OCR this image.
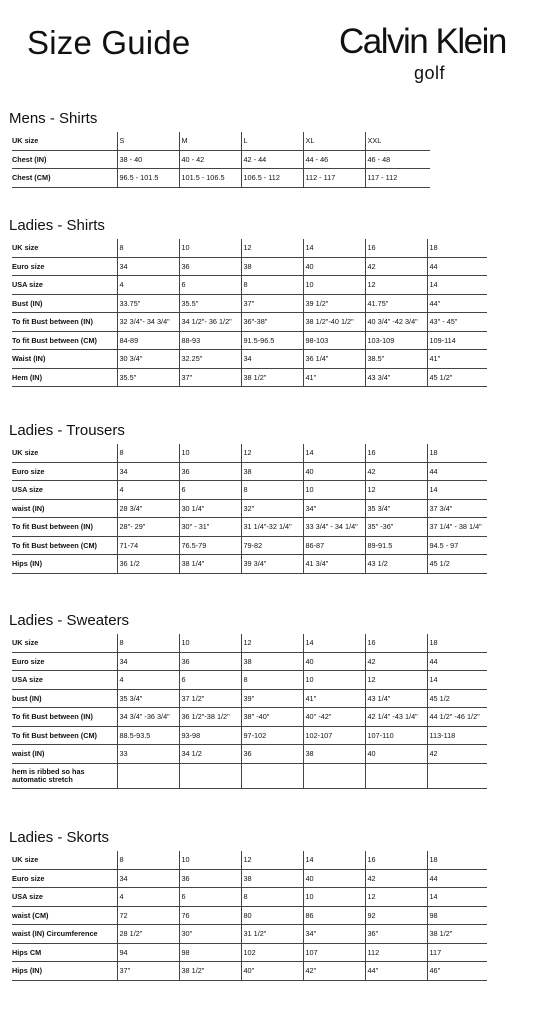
Size Guide	Calvin Klein
golf
Mens - Shirts
UK size	S	M	L	XL	XXL
Chest (IN)	38 - 40	40 - 42	42 - 44	44 - 46	46 - 48
Chest (CM)	96.5 - 101.5	101.5 - 106.5	106.5 - 112	112 - 117	117 - 112
Ladies - Shirts
UK size	8	10	12	14	16	18
Euro size	34	36	38	40	42	44
USA size	4	6	8	10	12	14
Bust (IN)	33.75"	35.5"	37"	39 1/2"	41.75"	44"
To fit Bust between (IN)	32 3/4"- 34 3/4"	34 1/2"- 36 1/2"	36"-38"	38 1/2"-40 1/2"	40 3/4" -42 3/4"	43" - 45"
To fit Bust between (CM)	84-89	88-93	91.5-96.5	98-103	103-109	109-114
Waist (IN)	30 3/4"	32.25"	34	36 1/4"	38.5"	41"
Hem (IN)	35.5"	37"	38 1/2"	41"	43 3/4"	45 1/2"
Ladies - Trousers
UK size	8	10	12	14	16	18
Euro size	34	36	38	40	42	44
USA size	4	6	8	10	12	14
waist (IN)	28 3/4"	30 1/4"	32"	34"	35 3/4"	37 3/4"
To fit Bust between (IN)	28"- 29"	30" - 31"	31 1/4"-32 1/4"	33 3/4" - 34 1/4"	35" -36"	37 1/4" - 38 1/4"
To fit Bust between (CM)	71-74	76.5-79	79-82	86-87	89-91.5	94.5 - 97
Hips (IN)	36 1/2	38 1/4"	39 3/4"	41 3/4"	43 1/2	45 1/2
Ladies - Sweaters
UK size	8	10	12	14	16	18
Euro size	34	36	38	40	42	44
USA size	4	6	8	10	12	14
bust (IN)	35 3/4"	37 1/2"	39"	41"	43 1/4"	45 1/2
To fit Bust between (IN)	34 3/4" -36 3/4"	36 1/2"-38 1/2"	38" -40"	40" -42"	42 1/4" -43 1/4"	44 1/2" -46 1/2"
To fit Bust between (CM)	88.5-93.5	93-98	97-102	102-107	107-110	113-118
waist (IN)	33	34 1/2	36	38	40	42
hem is ribbed so has automatic stretch						
Ladies - Skorts
UK size	8	10	12	14	16	18
Euro size	34	36	38	40	42	44
USA size	4	6	8	10	12	14
waist (CM)	72	76	80	86	92	98
waist (IN) Circumference	28 1/2"	30"	31 1/2"	34"	36"	38 1/2"
Hips CM	94	98	102	107	112	117
Hips (IN)	37"	38 1/2"	40"	42"	44"	46"
